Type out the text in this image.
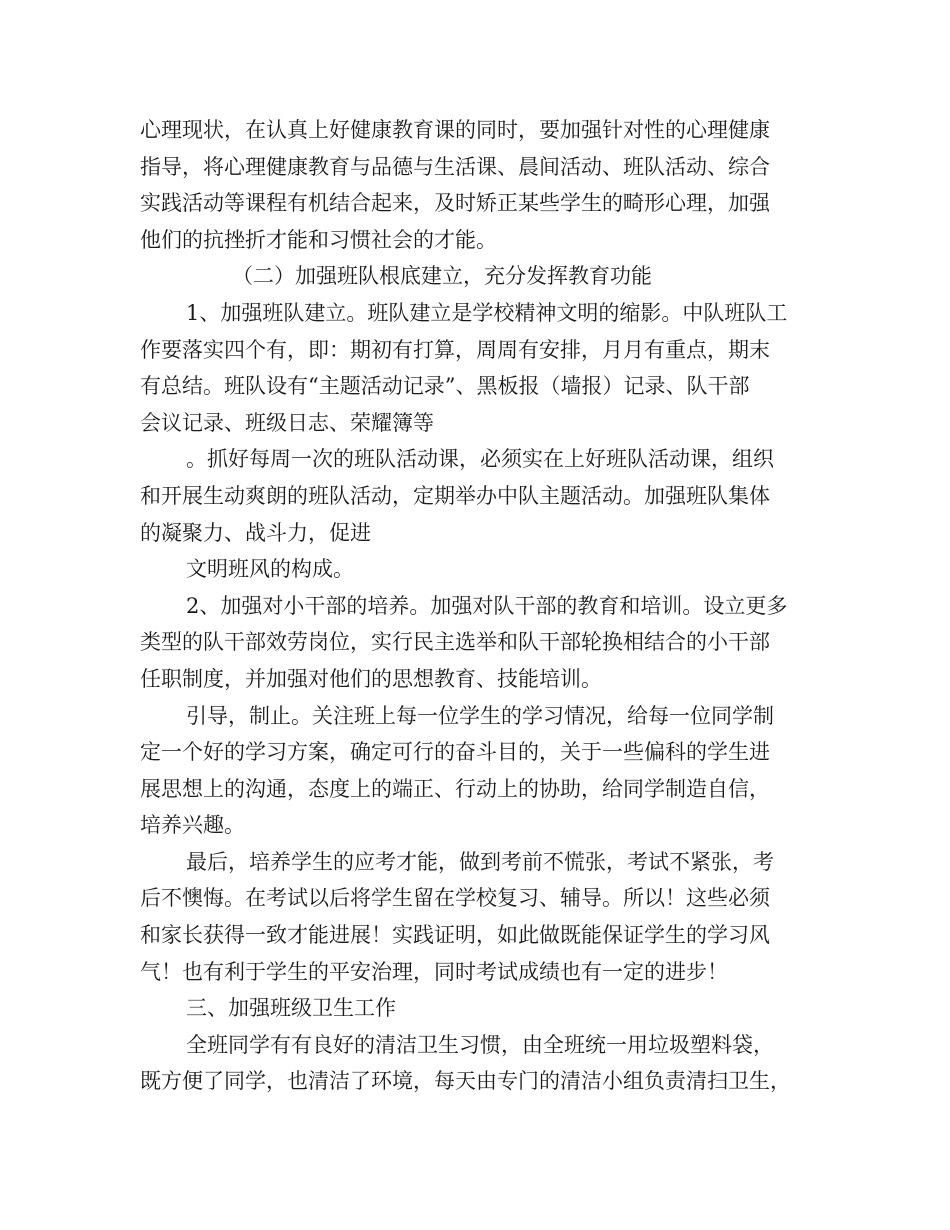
心理现状，在认真上好健康教育课的同时，要加强针对性的心理健康
指导，将心理健康教育与品德与生活课、晨间活动、班队活动、综合
实践活动等课程有机结合起来，及时矫正某些学生的畸形心理，加强
他们的抗挫折才能和习惯社会的才能。

（二）加强班队根底建立，充分发挥教育功能

1、加强班队建立。班队建立是学校精神文明的缩影。中队班队工
作要落实四个有，即：期初有打算，周周有安排，月月有重点，期末
有总结。班队设有“主题活动记录”、黑板报（墙报）记录、队干部
会议记录、班级日志、荣耀簿等

。抓好每周一次的班队活动课，必须实在上好班队活动课，组织
和开展生动爽朗的班队活动，定期举办中队主题活动。加强班队集体
的凝聚力、战斗力，促进

文明班风的构成。

2、加强对小干部的培养。加强对队干部的教育和培训。设立更多
类型的队干部效劳岗位，实行民主选举和队干部轮换相结合的小干部
任职制度，并加强对他们的思想教育、技能培训。

引导，制止。关注班上每一位学生的学习情况，给每一位同学制
定一个好的学习方案，确定可行的奋斗目的，关于一些偏科的学生进
展思想上的沟通，态度上的端正、行动上的协助，给同学制造自信，
培养兴趣。

最后，培养学生的应考才能，做到考前不慌张，考试不紧张，考
后不懊悔。在考试以后将学生留在学校复习、辅导。所以！这些必须
和家长获得一致才能进展！实践证明，如此做既能保证学生的学习风
气！也有利于学生的平安治理，同时考试成绩也有一定的进步！

三、加强班级卫生工作

全班同学有有良好的清洁卫生习惯，由全班统一用垃圾塑料袋，
既方便了同学，也清洁了环境，每天由专门的清洁小组负责清扫卫生，
